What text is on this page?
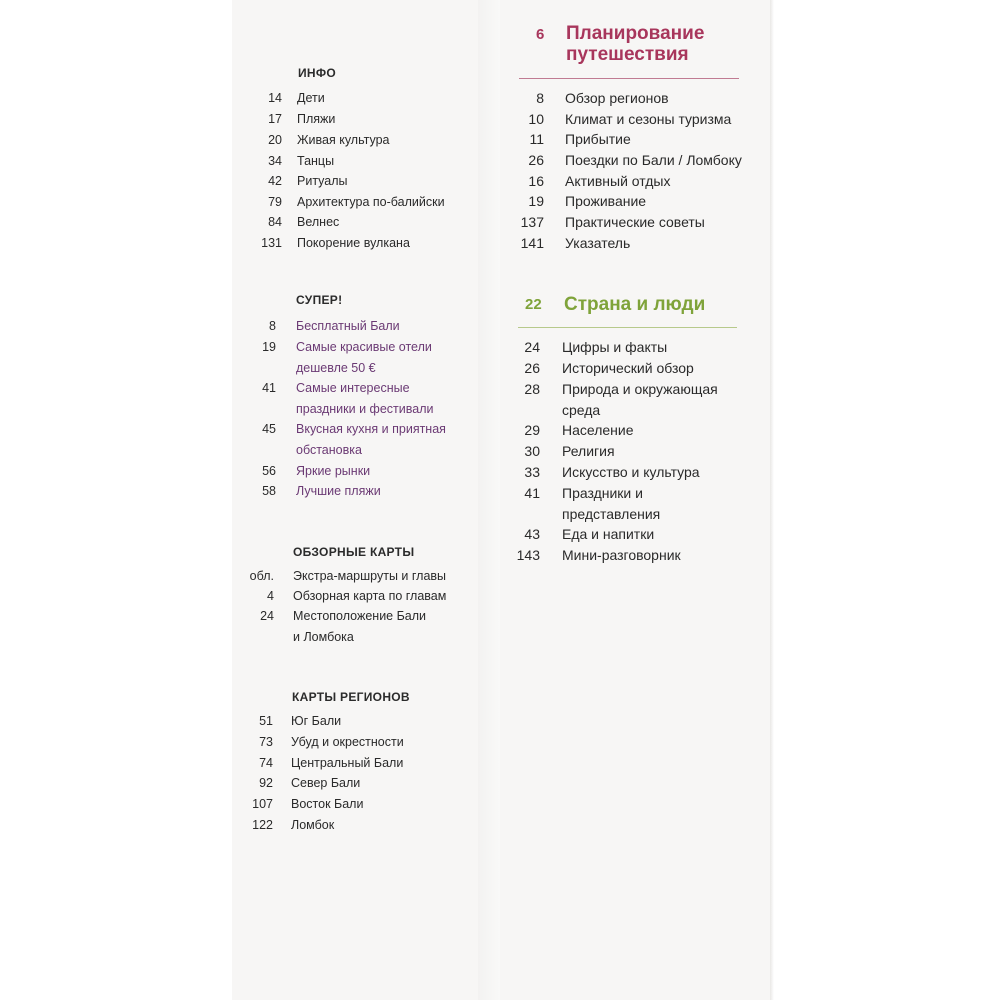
ИНФО
14 Дети
17 Пляжи
20 Живая культура
34 Танцы
42 Ритуалы
79 Архитектура по-балийски
84 Велнес
131 Покорение вулкана
СУПЕР!
8 Бесплатный Бали
19 Самые красивые отели
дешевле 50 €
41 Самые интересные
праздники и фестивали
45 Вкусная кухня и приятная
обстановка
56 Яркие рынки
58 Лучшие пляжи
ОБЗОРНЫЕ КАРТЫ
обл. Экстра-маршруты и главы
4 Обзорная карта по главам
24 Местоположение Бали
и Ломбока
КАРТЫ РЕГИОНОВ
51 Юг Бали
73 Убуд и окрестности
74 Центральный Бали
92 Север Бали
107 Восток Бали
122 Ломбок
6 Планирование
путешествия
8 Обзор регионов
10 Климат и сезоны туризма
11 Прибытие
26 Поездки по Бали / Ломбоку
16 Активный отдых
19 Проживание
137 Практические советы
141 Указатель
22 Страна и люди
24 Цифры и факты
26 Исторический обзор
28 Природа и окружающая
среда
29 Население
30 Религия
33 Искусство и культура
41 Праздники и
представления
43 Еда и напитки
143 Мини-разговорник
